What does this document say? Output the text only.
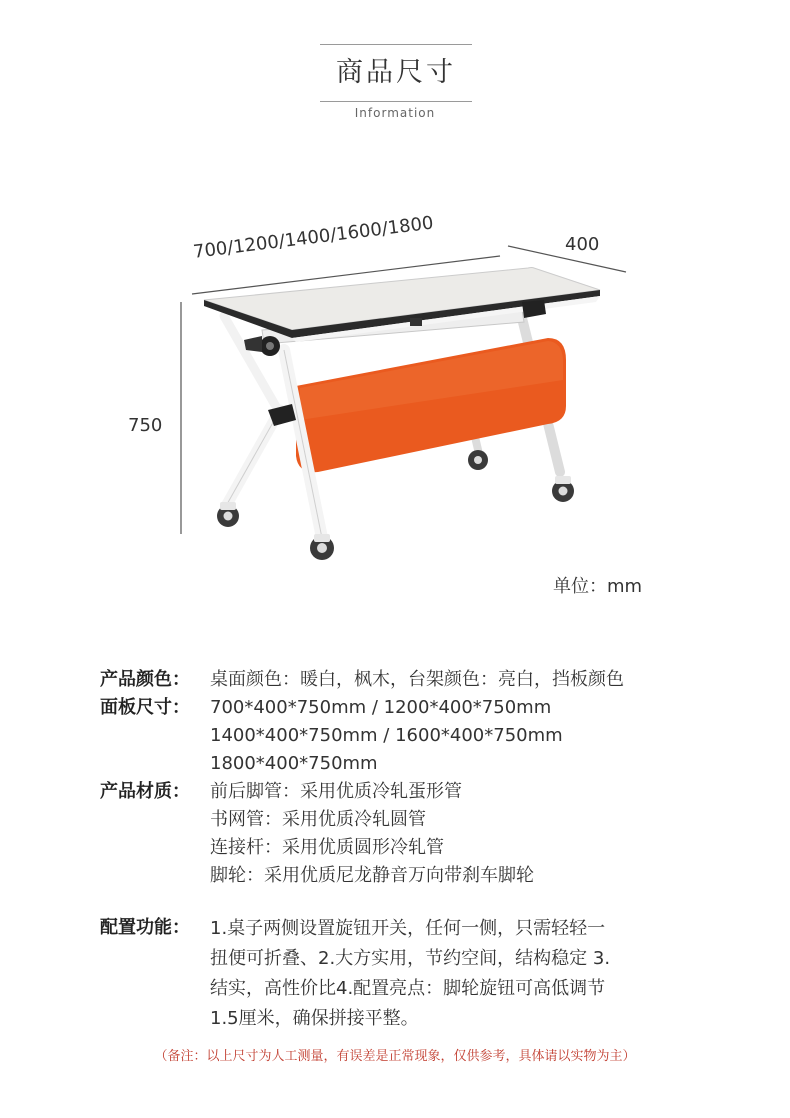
商品尺寸
Information
700/1200/1400/1600/1800	400
750
单位：mm
产品颜色：	桌面颜色：暖白，枫木，台架颜色：亮白，挡板颜色
面板尺寸：	700*400*750mm / 1200*400*750mm
1400*400*750mm / 1600*400*750mm
1800*400*750mm
产品材质：	前后脚管：采用优质冷轧蛋形管
书网管：采用优质冷轧圆管
连接杆：采用优质圆形冷轧管
脚轮：采用优质尼龙静音万向带刹车脚轮
配置功能：	1.桌子两侧设置旋钮开关，任何一侧，只需轻轻一
扭便可折叠、2.大方实用，节约空间，结构稳定 3.
结实，高性价比4.配置亮点：脚轮旋钮可高低调节
1.5厘米，确保拼接平整。
（备注：以上尺寸为人工测量，有误差是正常现象，仅供参考，具体请以实物为主）
